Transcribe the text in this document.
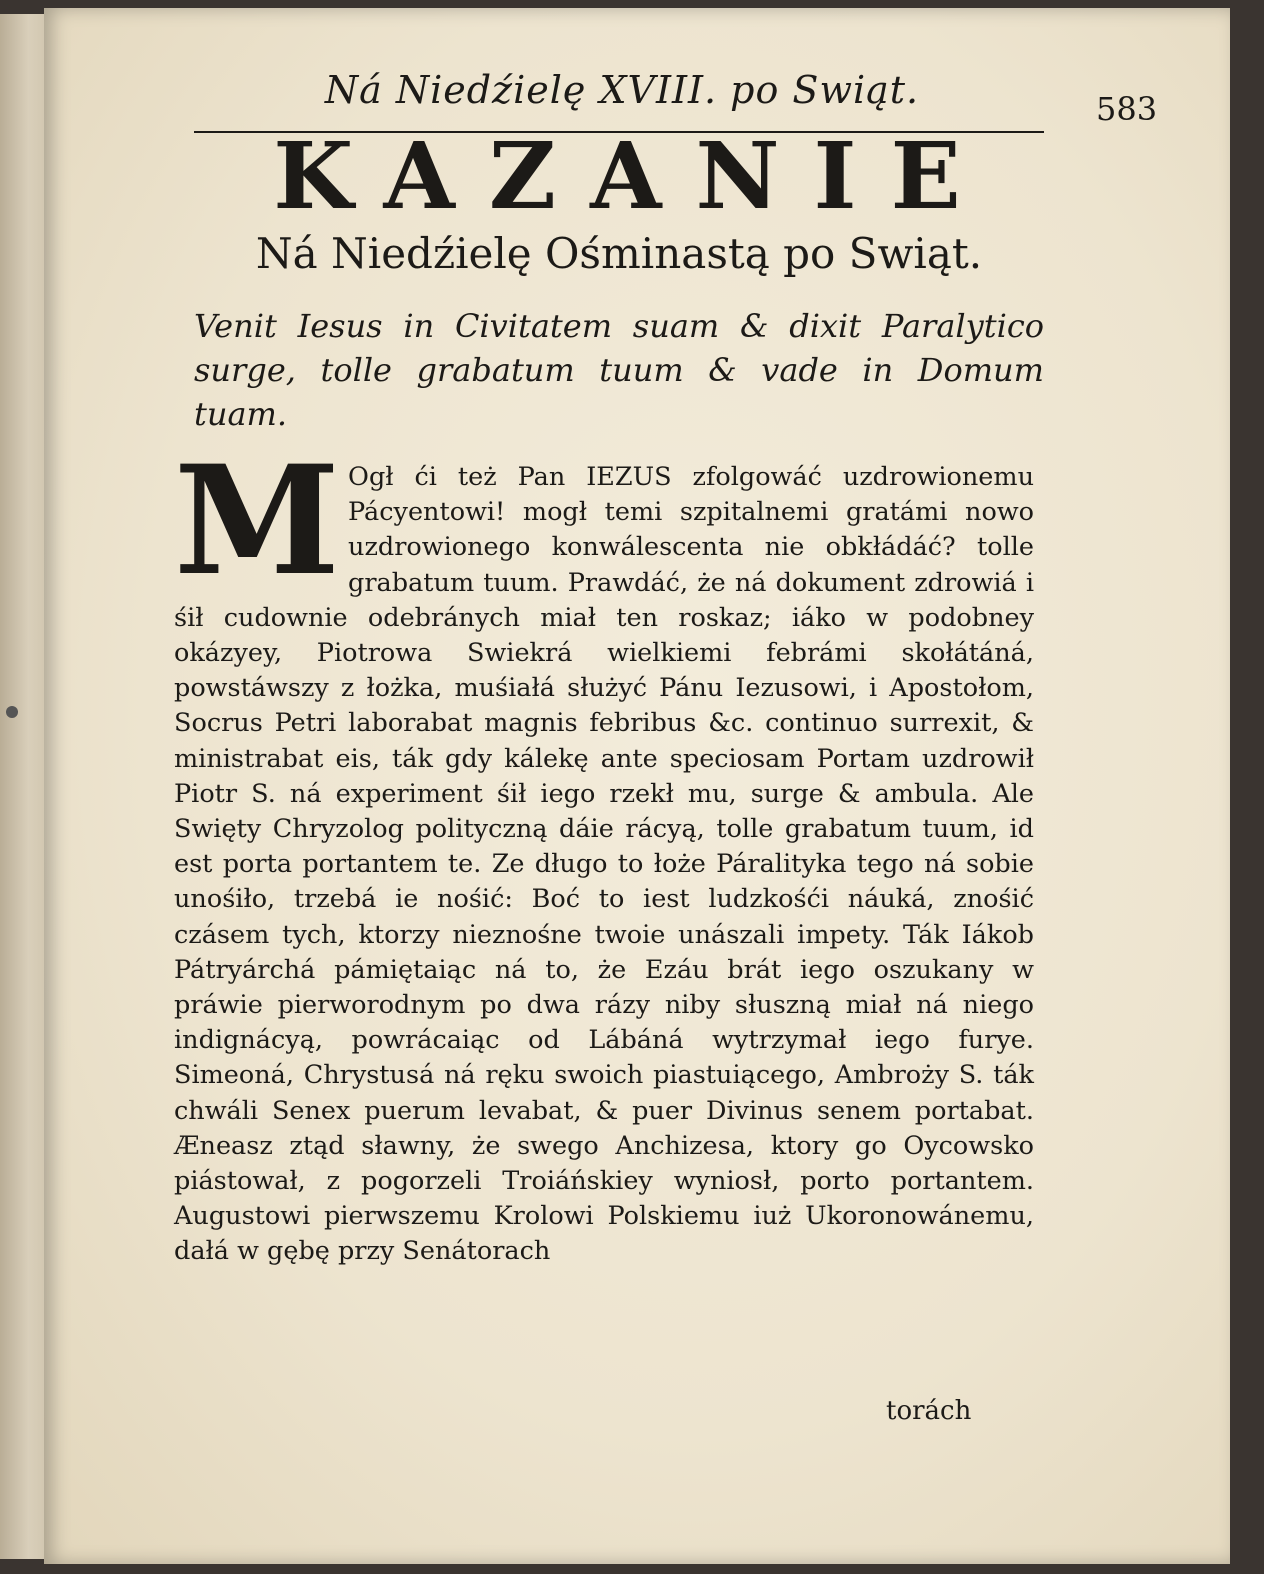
Ná Niedźielę XVIII. po Swiąt.	583
KAZANIE
Ná Niedźielę Ośminastą po Swiąt.
Venit Iesus in Civitatem suam & dixit Paralytico surge, tolle grabatum tuum & vade in Domum tuam.
M Ogł ći też Pan IEZUS zfolgowáć uzdrowionemu Pácyentowi! mogł temi szpitalnemi gratámi nowo uzdrowionego konwálescenta nie obkłádáć? tolle grabatum tuum. Prawdáć, że ná dokument zdrowiá i śił cudownie odebránych miał ten roskaz; iáko w podobney okázyey, Piotrowa Swiekrá wielkiemi febrámi skołátáná, powstáwszy z łożka, muśiałá służyć Pánu Iezusowi, i Apostołom, Socrus Petri laborabat magnis febribus &c. continuo surrexit, & ministrabat eis, ták gdy kálekę ante speciosam Portam uzdrowił Piotr S. ná experiment śił iego rzekł mu, surge & ambula. Ale Swięty Chryzolog polityczną dáie rácyą, tolle grabatum tuum, id est porta portantem te. Ze długo to łoże Páralityka tego ná sobie unośiło, trzebá ie nośić: Boć to iest ludzkośći náuká, znośić czásem tych, ktorzy nieznośne twoie unászali impety. Ták Iákob Pátryárchá pámiętaiąc ná to, że Ezáu brát iego oszukany w práwie pierworodnym po dwa rázy niby słuszną miał ná niego indignácyą, powrácaiąc od Lábáná wytrzymał iego furye. Simeoná, Chrystusá ná ręku swoich piastuiącego, Ambroży S. ták chwáli Senex puerum levabat, & puer Divinus senem portabat. Æneasz ztąd sławny, że swego Anchizesa, ktory go Oycowsko piástował, z pogorzeli Troiáńskiey wyniosł, porto portantem. Augustowi pierwszemu Krolowi Polskiemu iuż Ukoronowánemu, dałá w gębę przy Senátorach
torách
